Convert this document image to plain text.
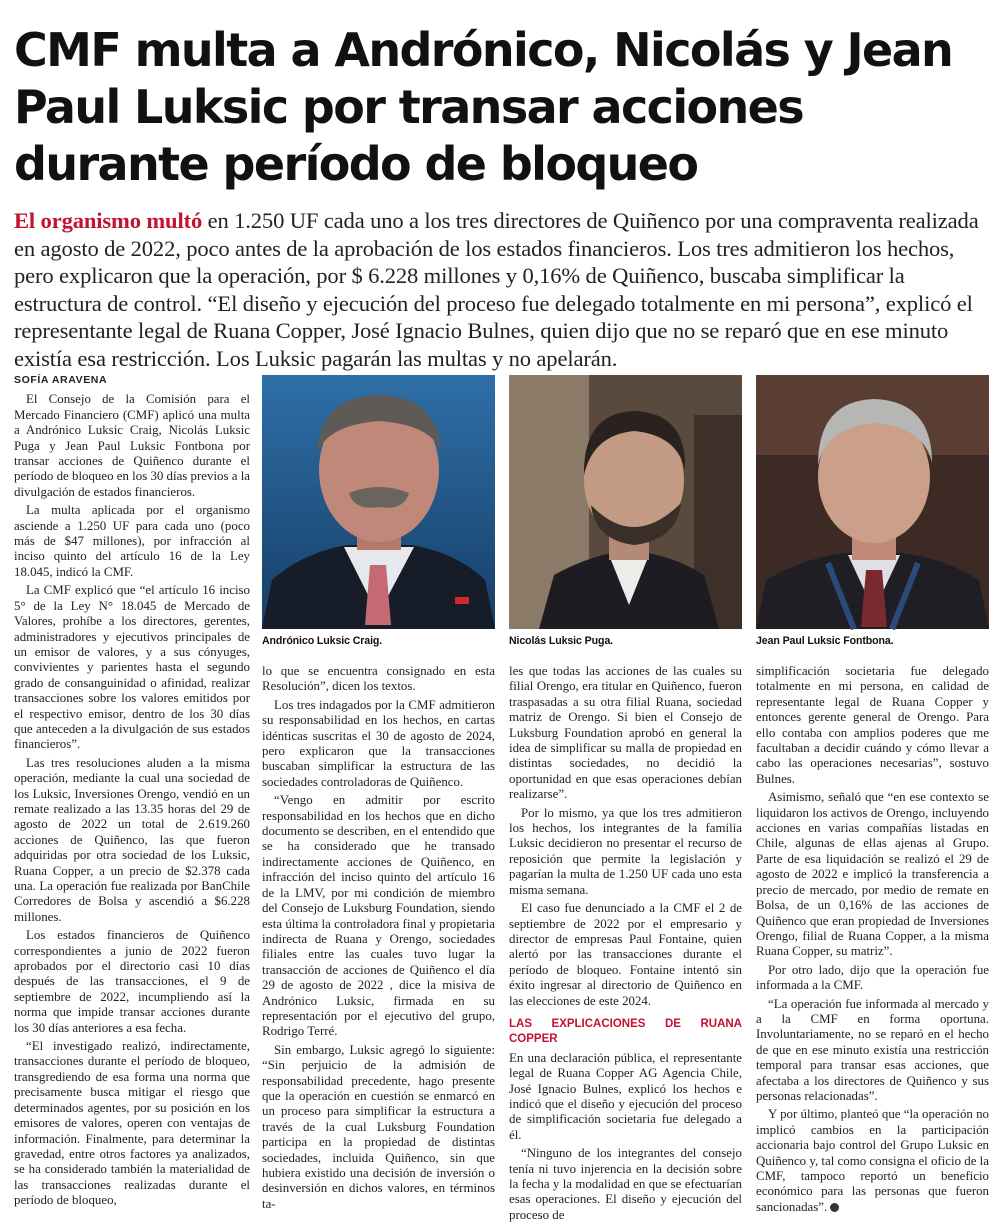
CMF multa a Andrónico, Nicolás y Jean Paul Luksic por transar acciones durante período de bloqueo
El organismo multó en 1.250 UF cada uno a los tres directores de Quiñenco por una compraventa realizada en agosto de 2022, poco antes de la aprobación de los estados financieros. Los tres admitieron los hechos, pero explicaron que la operación, por $ 6.228 millones y 0,16% de Quiñenco, buscaba simplificar la estructura de control. “El diseño y ejecución del proceso fue delegado totalmente en mi persona”, explicó el representante legal de Ruana Copper, José Ignacio Bulnes, quien dijo que no se reparó que en ese minuto existía esa restricción. Los Luksic pagarán las multas y no apelarán.
Andrónico Luksic Craig.	Nicolás Luksic Puga.	Jean Paul Luksic Fontbona.
SOFÍA ARAVENA

El Consejo de la Comisión para el Mercado Financiero (CMF) aplicó una multa a Andrónico Luksic Craig, Nicolás Luksic Puga y Jean Paul Luksic Fontbona por transar acciones de Quiñenco durante el período de bloqueo en los 30 días previos a la divulgación de estados financieros.

La multa aplicada por el organismo asciende a 1.250 UF para cada uno (poco más de $47 millones), por infracción al inciso quinto del artículo 16 de la Ley 18.045, indicó la CMF.

La CMF explicó que “el artículo 16 inciso 5° de la Ley N° 18.045 de Mercado de Valores, prohíbe a los directores, gerentes, administradores y ejecutivos principales de un emisor de valores, y a sus cónyuges, convivientes y parientes hasta el segundo grado de consanguinidad o afinidad, realizar transacciones sobre los valores emitidos por el respectivo emisor, dentro de los 30 días que anteceden a la divulgación de sus estados financieros”.

Las tres resoluciones aluden a la misma operación, mediante la cual una sociedad de los Luksic, Inversiones Orengo, vendió en un remate realizado a las 13.35 horas del 29 de agosto de 2022 un total de 2.619.260 acciones de Quiñenco, las que fueron adquiridas por otra sociedad de los Luksic, Ruana Copper, a un precio de $2.378 cada una. La operación fue realizada por BanChile Corredores de Bolsa y ascendió a $6.228 millones.

Los estados financieros de Quiñenco correspondientes a junio de 2022 fueron aprobados por el directorio casi 10 días después de las transacciones, el 9 de septiembre de 2022, incumpliendo así la norma que impide transar acciones durante los 30 días anteriores a esa fecha.

“El investigado realizó, indirectamente, transacciones durante el período de bloqueo, transgrediendo de esa forma una norma que precisamente busca mitigar el riesgo que determinados agentes, por su posición en los emisores de valores, operen con ventajas de información. Finalmente, para determinar la gravedad, entre otros factores ya analizados, se ha considerado también la materialidad de las transacciones realizadas durante el período de bloqueo,

lo que se encuentra consignado en esta Resolución”, dicen los textos.

Los tres indagados por la CMF admitieron su responsabilidad en los hechos, en cartas idénticas suscritas el 30 de agosto de 2024, pero explicaron que la transacciones buscaban simplificar la estructura de las sociedades controladoras de Quiñenco.

“Vengo en admitir por escrito responsabilidad en los hechos que en dicho documento se describen, en el entendido que se ha considerado que he transado indirectamente acciones de Quiñenco, en infracción del inciso quinto del artículo 16 de la LMV, por mi condición de miembro del Consejo de Luksburg Foundation, siendo esta última la controladora final y propietaria indirecta de Ruana y Orengo, sociedades filiales entre las cuales tuvo lugar la transacción de acciones de Quiñenco el día 29 de agosto de 2022 , dice la misiva de Andrónico Luksic, firmada en su representación por el ejecutivo del grupo, Rodrigo Terré.

Sin embargo, Luksic agregó lo siguiente: “Sin perjuicio de la admisión de responsabilidad precedente, hago presente que la operación en cuestión se enmarcó en un proceso para simplificar la estructura a través de la cual Luksburg Foundation participa en la propiedad de distintas sociedades, incluida Quiñenco, sin que hubiera existido una decisión de inversión o desinversión en dichos valores, en términos ta-

les que todas las acciones de las cuales su filial Orengo, era titular en Quiñenco, fueron traspasadas a su otra filial Ruana, sociedad matriz de Orengo. Si bien el Consejo de Luksburg Foundation aprobó en general la idea de simplificar su malla de propiedad en distintas sociedades, no decidió la oportunidad en que esas operaciones debían realizarse”.

Por lo mismo, ya que los tres admitieron los hechos, los integrantes de la familia Luksic decidieron no presentar el recurso de reposición que permite la legislación y pagarían la multa de 1.250 UF cada uno esta misma semana.

El caso fue denunciado a la CMF el 2 de septiembre de 2022 por el empresario y director de empresas Paul Fontaine, quien alertó por las transacciones durante el período de bloqueo. Fontaine intentó sin éxito ingresar al directorio de Quiñenco en las elecciones de este 2024.

LAS EXPLICACIONES DE RUANA COPPER

En una declaración pública, el representante legal de Ruana Copper AG Agencia Chile, José Ignacio Bulnes, explicó los hechos e indicó que el diseño y ejecución del proceso de simplificación societaria fue delegado a él.

“Ninguno de los integrantes del consejo tenía ni tuvo injerencia en la decisión sobre la fecha y la modalidad en que se efectuarían esas operaciones. El diseño y ejecución del proceso de

simplificación societaria fue delegado totalmente en mi persona, en calidad de representante legal de Ruana Copper y entonces gerente general de Orengo. Para ello contaba con amplios poderes que me facultaban a decidir cuándo y cómo llevar a cabo las operaciones necesarias”, sostuvo Bulnes.

Asimismo, señaló que “en ese contexto se liquidaron los activos de Orengo, incluyendo acciones en varias compañías listadas en Chile, algunas de ellas ajenas al Grupo. Parte de esa liquidación se realizó el 29 de agosto de 2022 e implicó la transferencia a precio de mercado, por medio de remate en Bolsa, de un 0,16% de las acciones de Quiñenco que eran propiedad de Inversiones Orengo, filial de Ruana Copper, a la misma Ruana Copper, su matriz”.

Por otro lado, dijo que la operación fue informada a la CMF.

“La operación fue informada al mercado y a la CMF en forma oportuna. Involuntariamente, no se reparó en el hecho de que en ese minuto existía una restricción temporal para transar esas acciones, que afectaba a los directores de Quiñenco y sus personas relacionadas”.

Y por último, planteó que “la operación no implicó cambios en la participación accionaria bajo control del Grupo Luksic en Quiñenco y, tal como consigna el oficio de la CMF, tampoco reportó un beneficio económico para las personas que fueron sancionadas”.
